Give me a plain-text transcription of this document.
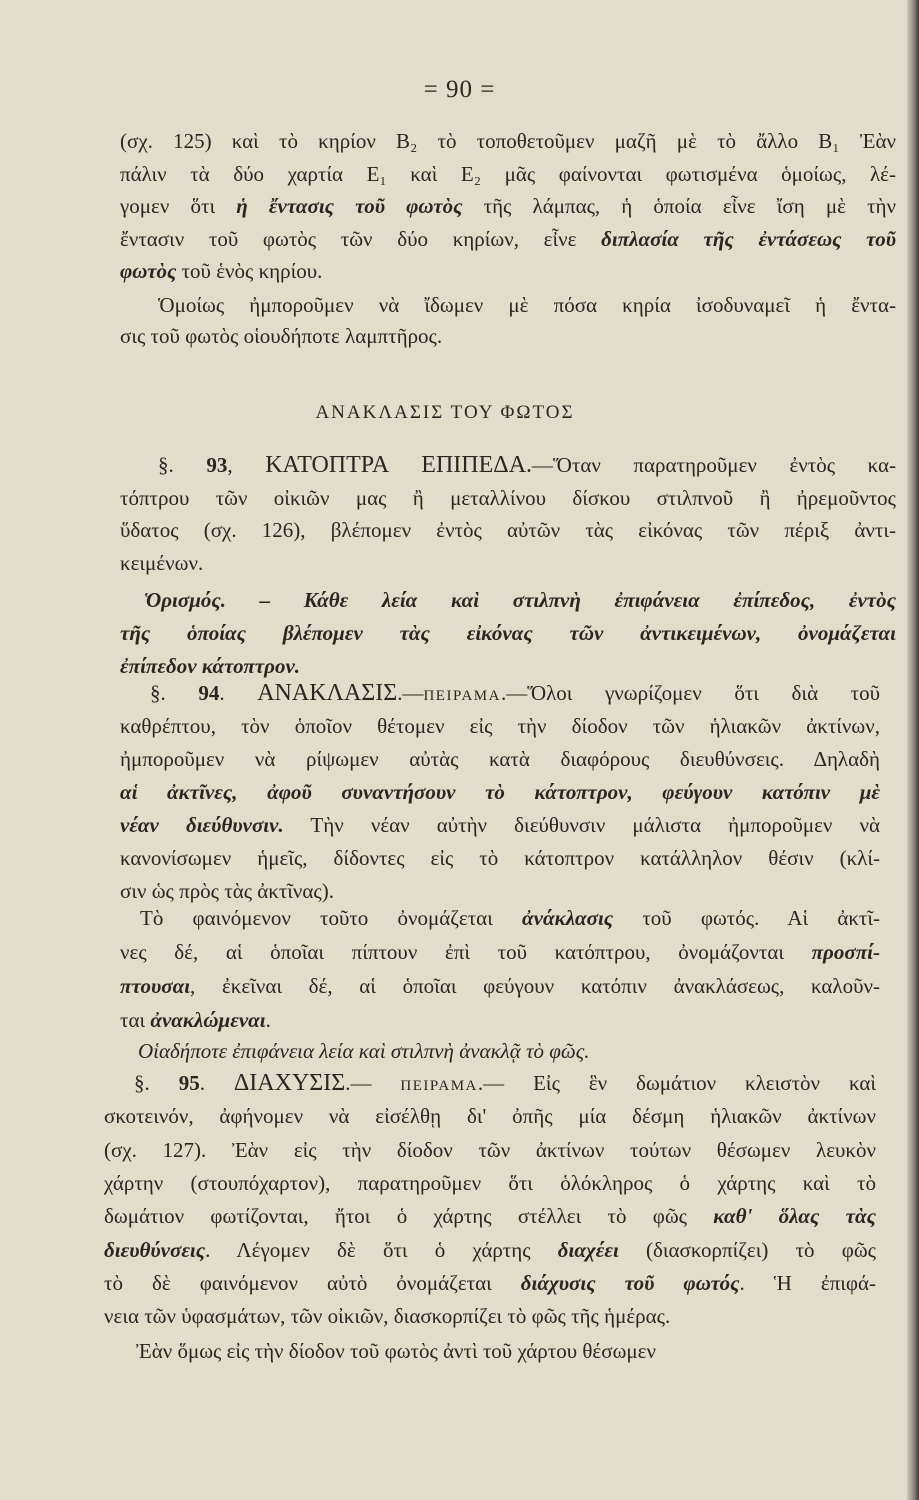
= 90 =
(σχ. 125) καὶ τὸ κηρίον Β₂ τὸ τοποθετοῦμεν μαζῆ μὲ τὸ ἄλλο Β₁ Ἐὰν
πάλιν τὰ δύο χαρτία Ε₁ καὶ Ε₂ μᾶς φαίνονται φωτισμένα ὁμοίως, λέ-
γομεν ὅτι ἡ ἔντασις τοῦ φωτὸς τῆς λάμπας, ἡ ὁποία εἶνε ἴση μὲ τὴν
ἔντασιν τοῦ φωτὸς τῶν δύο κηρίων, εἶνε διπλασία τῆς ἐντάσεως τοῦ
φωτὸς τοῦ ἑνὸς κηρίου.
Ὁμοίως ἠμποροῦμεν νὰ ἴδωμεν μὲ πόσα κηρία ἰσοδυναμεῖ ἡ ἔντα-
σις τοῦ φωτὸς οἱουδήποτε λαμπτῆρος.
ΑΝΑΚΛΑΣΙΣ ΤΟΥ ΦΩΤΟΣ
§. 93, ΚΑΤΟΠΤΡΑ ΕΠΙΠΕΔΑ.—Ὅταν παρατηροῦμεν ἐντὸς κα-
τόπτρου τῶν οἰκιῶν μας ἢ μεταλλίνου δίσκου στιλπνοῦ ἢ ἠρεμοῦντος
ὕδατος (σχ. 126), βλέπομεν ἐντὸς αὐτῶν τὰς εἰκόνας τῶν πέριξ ἀντι-
κειμένων.
Ὁρισμός. – Κάθε λεία καὶ στιλπνὴ ἐπιφάνεια ἐπίπεδος, ἐντὸς
τῆς ὁποίας βλέπομεν τὰς εἰκόνας τῶν ἀντικειμένων, ὀνομάζεται
ἐπίπεδον κάτοπτρον.
§. 94. ΑΝΑΚΛΑΣΙΣ.—ΠΕΙΡΑΜΑ.—Ὅλοι γνωρίζομεν ὅτι διὰ τοῦ
καθρέπτου, τὸν ὁποῖον θέτομεν εἰς τὴν δίοδον τῶν ἡλιακῶν ἀκτίνων,
ἠμποροῦμεν νὰ ρίψωμεν αὐτὰς κατὰ διαφόρους διευθύνσεις. Δηλαδὴ
αἱ ἀκτῖνες, ἀφοῦ συναντήσουν τὸ κάτοπτρον, φεύγουν κατόπιν μὲ
νέαν διεύθυνσιν. Τὴν νέαν αὐτὴν διεύθυνσιν μάλιστα ἠμποροῦμεν νὰ
κανονίσωμεν ἡμεῖς, δίδοντες εἰς τὸ κάτοπτρον κατάλληλον θέσιν (κλί-
σιν ὡς πρὸς τὰς ἀκτῖνας).
Τὸ φαινόμενον τοῦτο ὀνομάζεται ἀνάκλασις τοῦ φωτός. Αἱ ἀκτῖ-
νες δέ, αἱ ὁποῖαι πίπτουν ἐπὶ τοῦ κατόπτρου, ὀνομάζονται προσπί-
πτουσαι, ἐκεῖναι δέ, αἱ ὁποῖαι φεύγουν κατόπιν ἀνακλάσεως, καλοῦν-
ται ἀνακλώμεναι.
Οἱαδήποτε ἐπιφάνεια λεία καὶ στιλπνὴ ἀνακλᾷ τὸ φῶς.
§. 95. ΔΙΑΧΥΣΙΣ.— ΠΕΙΡΑΜΑ.— Εἰς ἓν δωμάτιον κλειστὸν καὶ
σκοτεινόν, ἀφήνομεν νὰ εἰσέλθῃ δι' ὀπῆς μία δέσμη ἡλιακῶν ἀκτίνων
(σχ. 127). Ἐὰν εἰς τὴν δίοδον τῶν ἀκτίνων τούτων θέσωμεν λευκὸν
χάρτην (στουπόχαρτον), παρατηροῦμεν ὅτι ὁλόκληρος ὁ χάρτης καὶ τὸ
δωμάτιον φωτίζονται, ἤτοι ὁ χάρτης στέλλει τὸ φῶς καθ' ὅλας τὰς
διευθύνσεις. Λέγομεν δὲ ὅτι ὁ χάρτης διαχέει (διασκορπίζει) τὸ φῶς
τὸ δὲ φαινόμενον αὐτὸ ὀνομάζεται διάχυσις τοῦ φωτός. Ἡ ἐπιφά-
νεια τῶν ὑφασμάτων, τῶν οἰκιῶν, διασκορπίζει τὸ φῶς τῆς ἡμέρας.
Ἐὰν ὅμως εἰς τὴν δίοδον τοῦ φωτὸς ἀντὶ τοῦ χάρτου θέσωμεν
